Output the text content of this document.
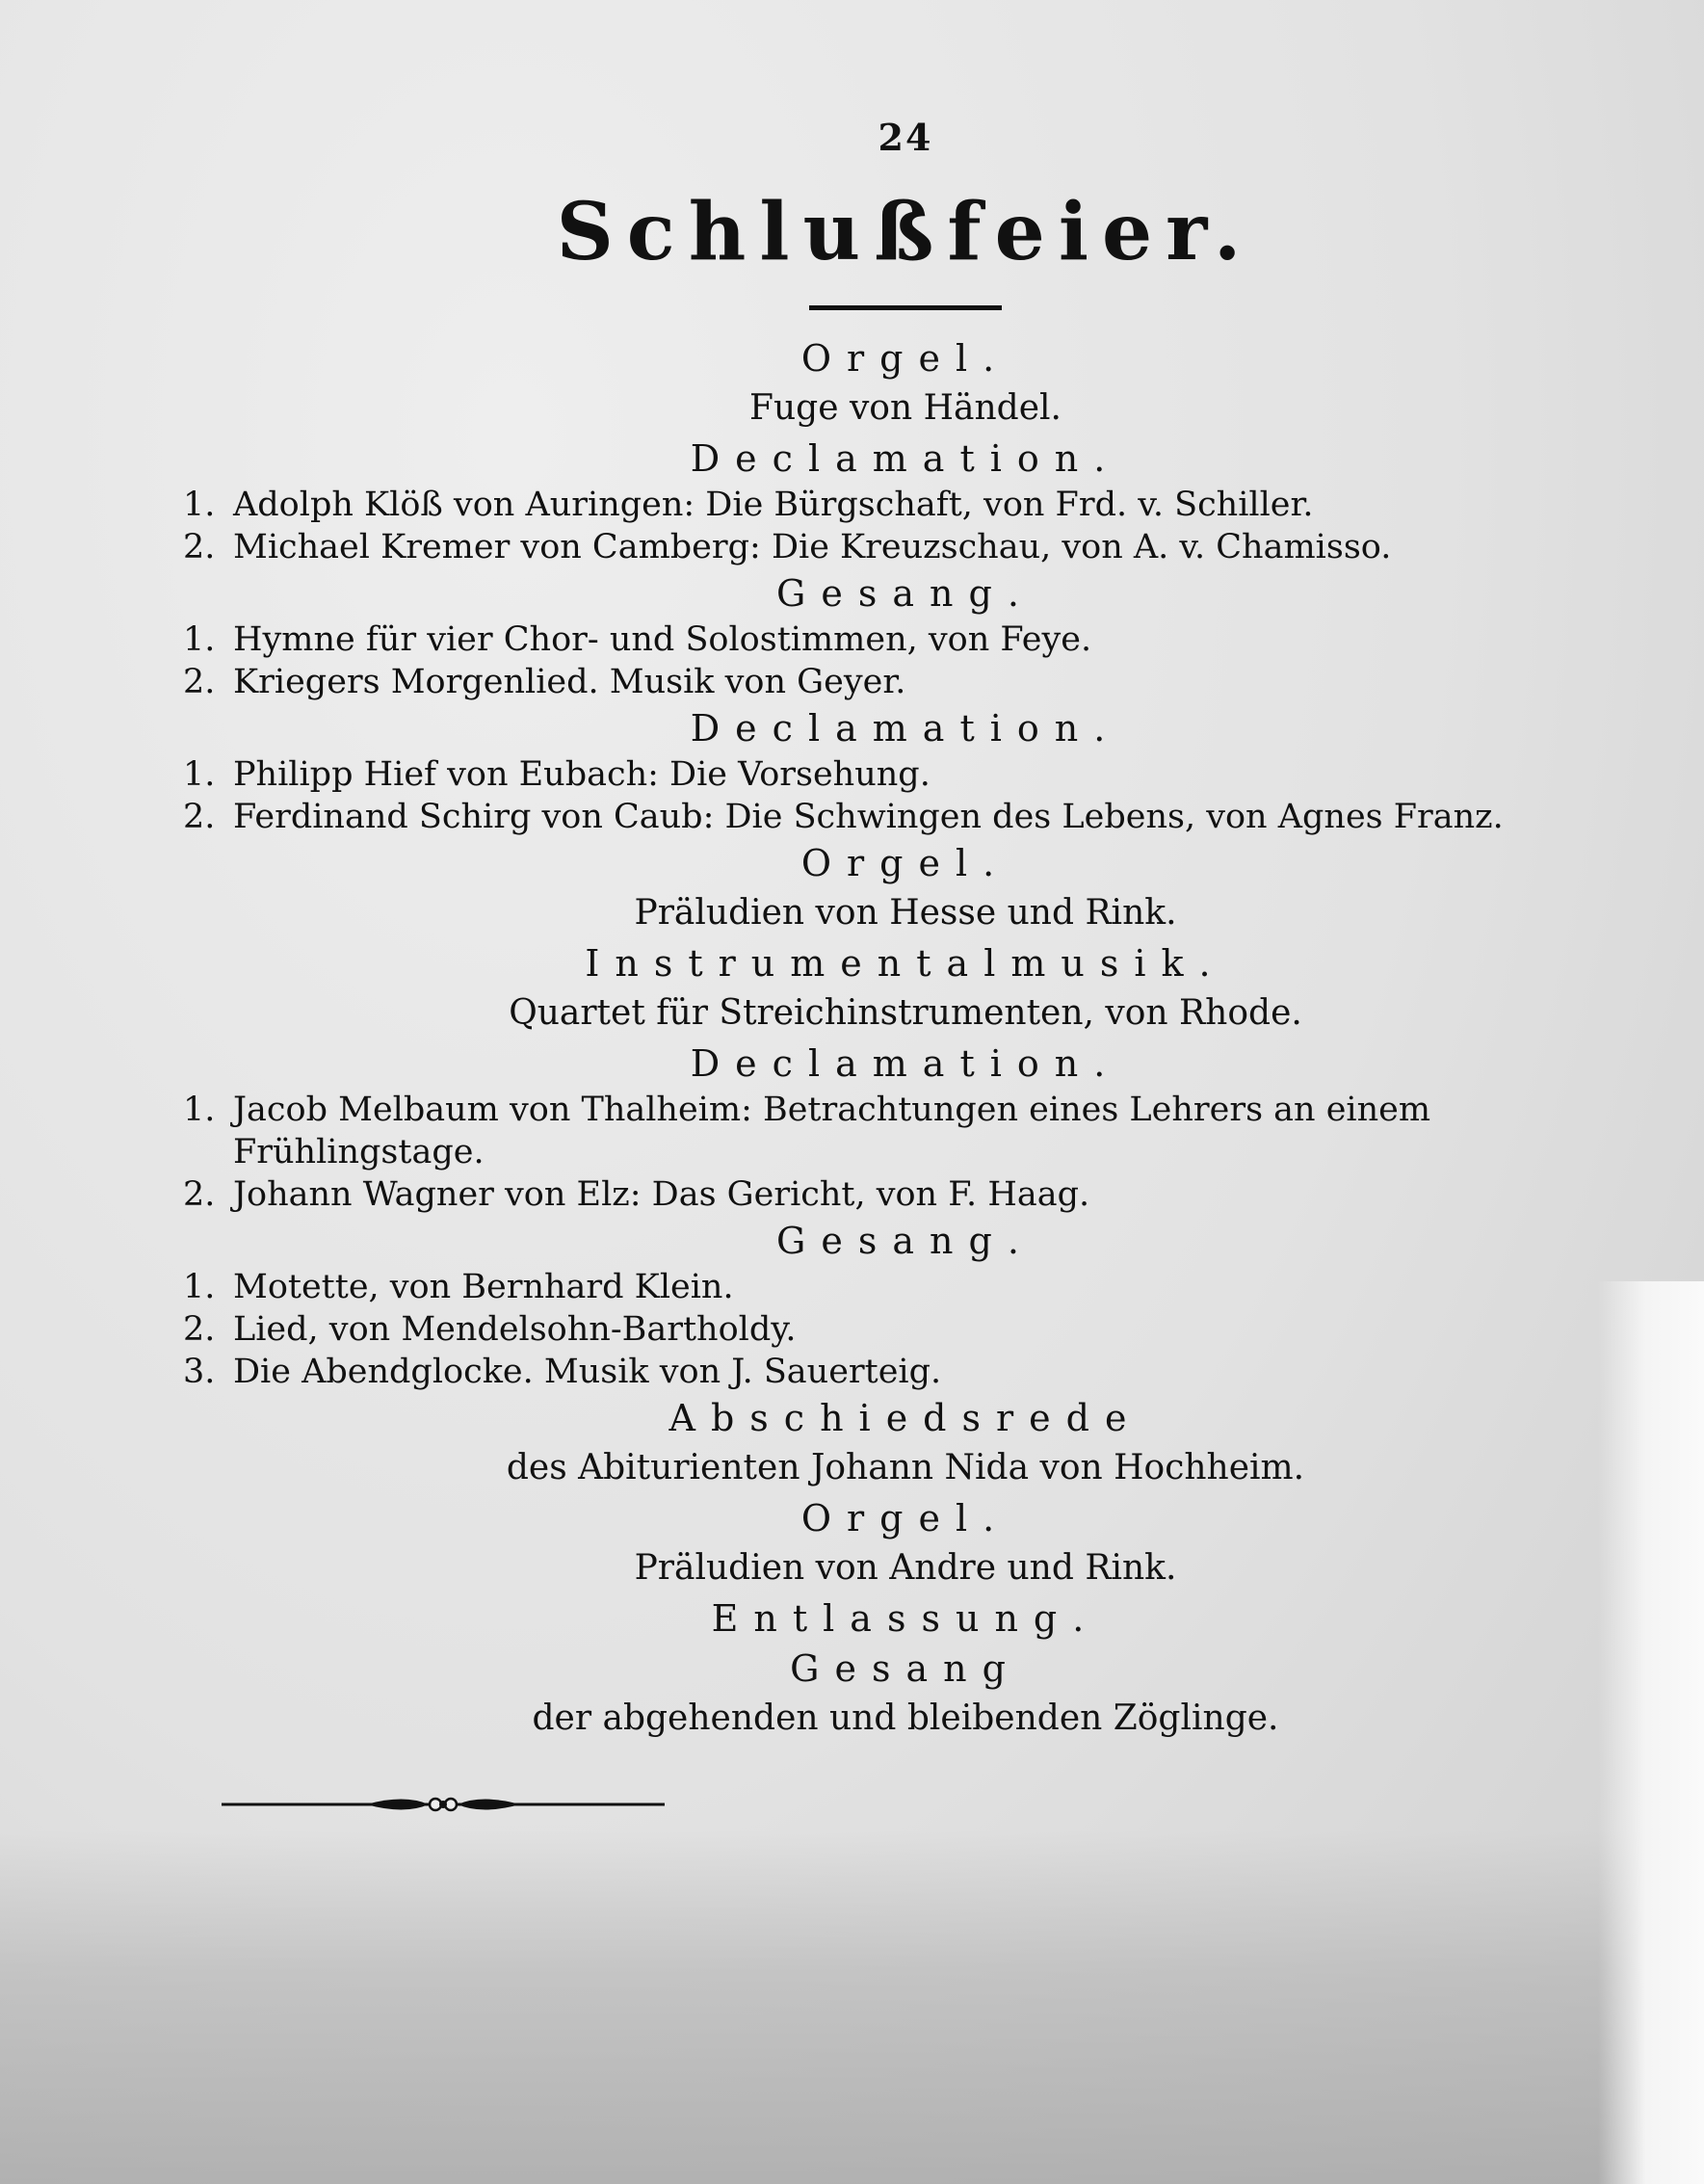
24
Schlußfeier.
Orgel.
Fuge von Händel.
Declamation.
1. Adolph Klöß von Auringen: Die Bürgschaft, von Frd. v. Schiller.
2. Michael Kremer von Camberg: Die Kreuzschau, von A. v. Chamisso.
Gesang.
1. Hymne für vier Chor- und Solostimmen, von Feye.
2. Kriegers Morgenlied. Musik von Geyer.
Declamation.
1. Philipp Hief von Eubach: Die Vorsehung.
2. Ferdinand Schirg von Caub: Die Schwingen des Lebens, von Agnes Franz.
Orgel.
Präludien von Hesse und Rink.
Instrumentalmusik.
Quartet für Streichinstrumenten, von Rhode.
Declamation.
1. Jacob Melbaum von Thalheim: Betrachtungen eines Lehrers an einem Frühlingstage.
2. Johann Wagner von Elz: Das Gericht, von F. Haag.
Gesang.
1. Motette, von Bernhard Klein.
2. Lied, von Mendelsohn-Bartholdy.
3. Die Abendglocke. Musik von J. Sauerteig.
Abschiedsrede
des Abiturienten Johann Nida von Hochheim.
Orgel.
Präludien von Andre und Rink.
Entlassung.
Gesang
der abgehenden und bleibenden Zöglinge.
